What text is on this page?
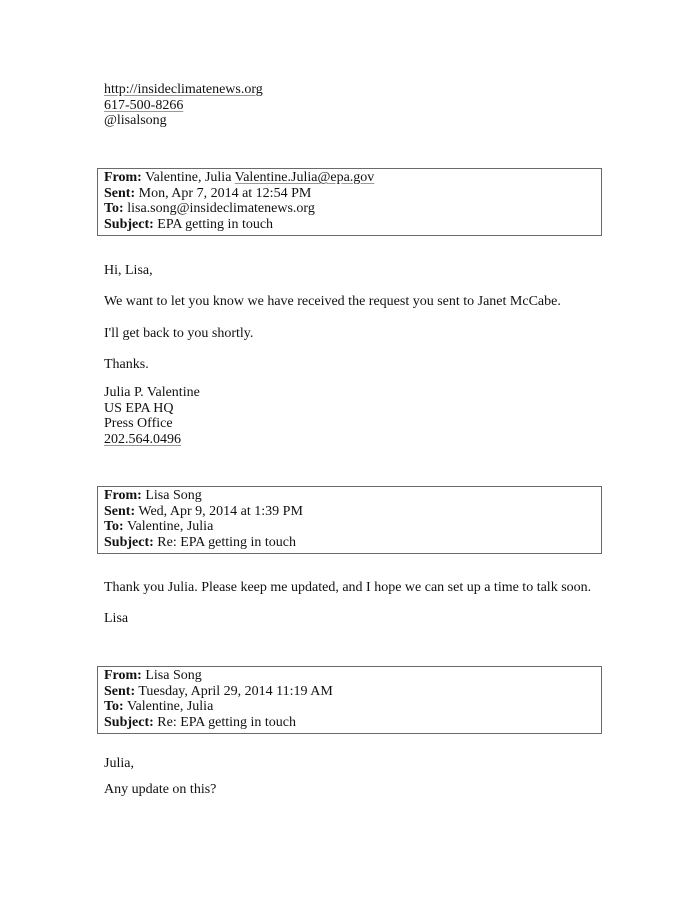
http://insideclimatenews.org
617-500-8266
@lisalsong
From: Valentine, Julia Valentine.Julia@epa.gov
Sent: Mon, Apr 7, 2014 at 12:54 PM
To: lisa.song@insideclimatenews.org
Subject: EPA getting in touch
Hi, Lisa,
We want to let you know we have received the request you sent to Janet McCabe.
I'll get back to you shortly.
Thanks.
Julia P. Valentine
US EPA HQ
Press Office
202.564.0496
From: Lisa Song
Sent: Wed, Apr 9, 2014 at 1:39 PM
To: Valentine, Julia
Subject: Re: EPA getting in touch
Thank you Julia. Please keep me updated, and I hope we can set up a time to talk soon.
Lisa
From: Lisa Song
Sent: Tuesday, April 29, 2014 11:19 AM
To: Valentine, Julia
Subject: Re: EPA getting in touch
Julia,
Any update on this?
